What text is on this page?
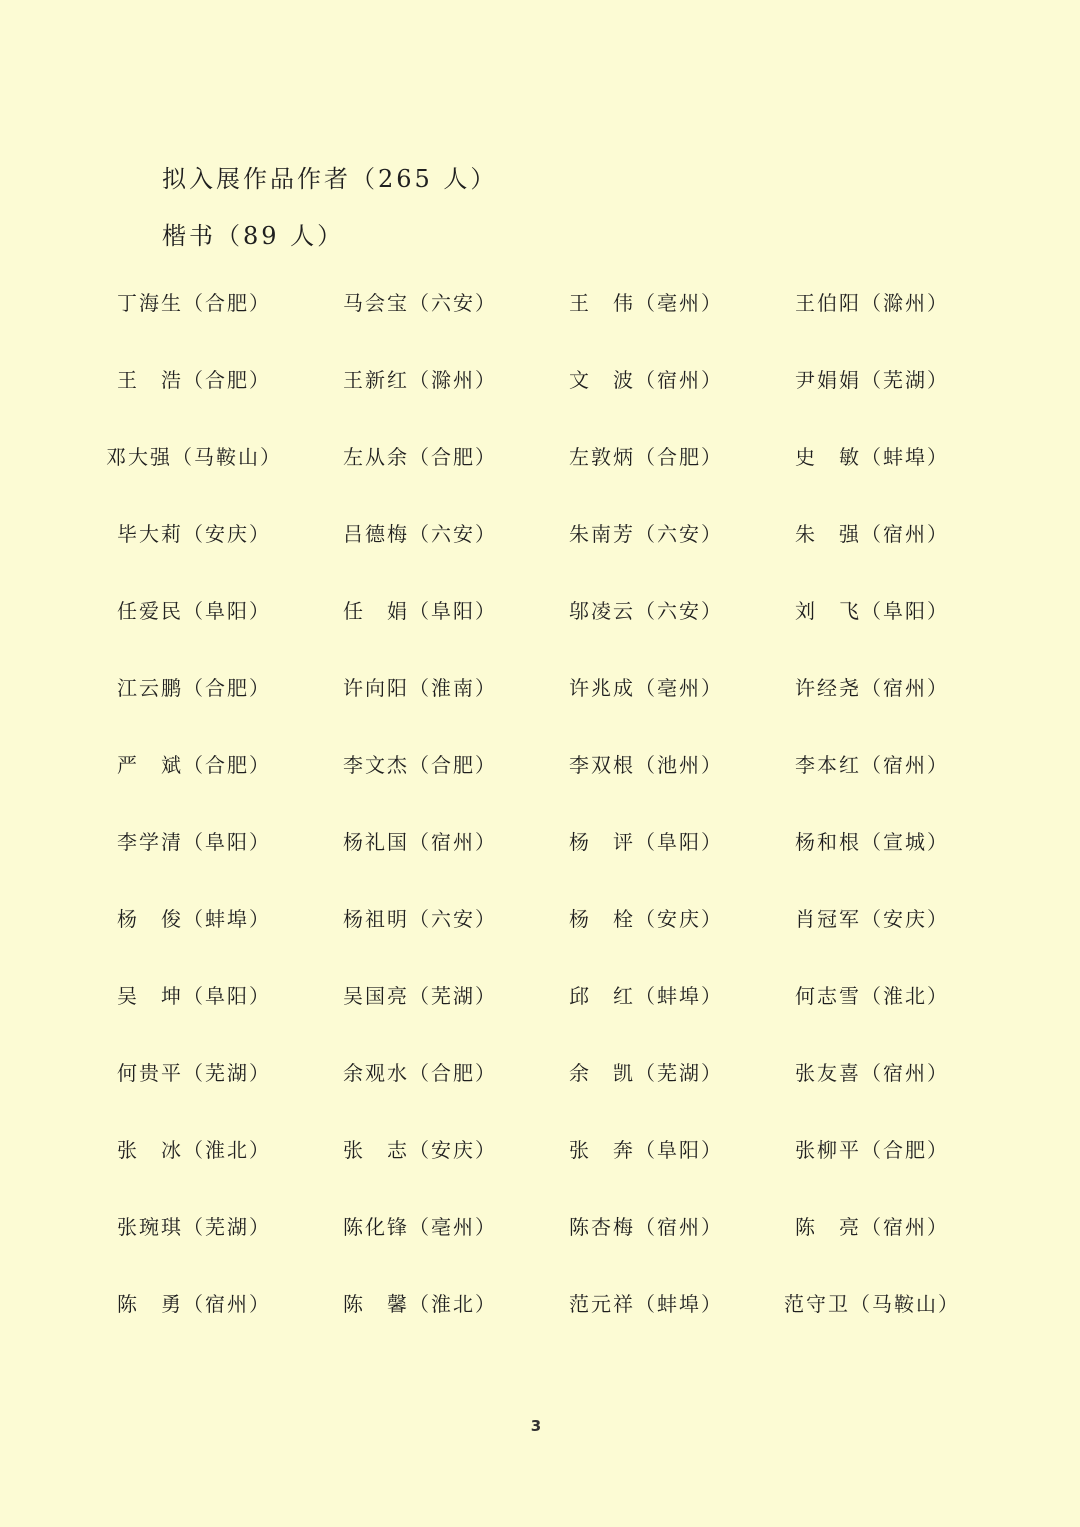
拟入展作品作者（265 人）
楷书（89 人）
丁海生（合肥）	马会宝（六安）	王　伟（亳州）	王伯阳（滁州）
王　浩（合肥）	王新红（滁州）	文　波（宿州）	尹娟娟（芜湖）
邓大强（马鞍山）	左从余（合肥）	左敦炳（合肥）	史　敏（蚌埠）
毕大莉（安庆）	吕德梅（六安）	朱南芳（六安）	朱　强（宿州）
任爱民（阜阳）	任　娟（阜阳）	邬凌云（六安）	刘　飞（阜阳）
江云鹏（合肥）	许向阳（淮南）	许兆成（亳州）	许经尧（宿州）
严　斌（合肥）	李文杰（合肥）	李双根（池州）	李本红（宿州）
李学清（阜阳）	杨礼国（宿州）	杨　评（阜阳）	杨和根（宣城）
杨　俊（蚌埠）	杨祖明（六安）	杨　栓（安庆）	肖冠军（安庆）
吴　坤（阜阳）	吴国亮（芜湖）	邱　红（蚌埠）	何志雪（淮北）
何贵平（芜湖）	余观水（合肥）	余　凯（芜湖）	张友喜（宿州）
张　冰（淮北）	张　志（安庆）	张　奔（阜阳）	张柳平（合肥）
张琬琪（芜湖）	陈化锋（亳州）	陈杏梅（宿州）	陈　亮（宿州）
陈　勇（宿州）	陈　馨（淮北）	范元祥（蚌埠）	范守卫（马鞍山）
3
